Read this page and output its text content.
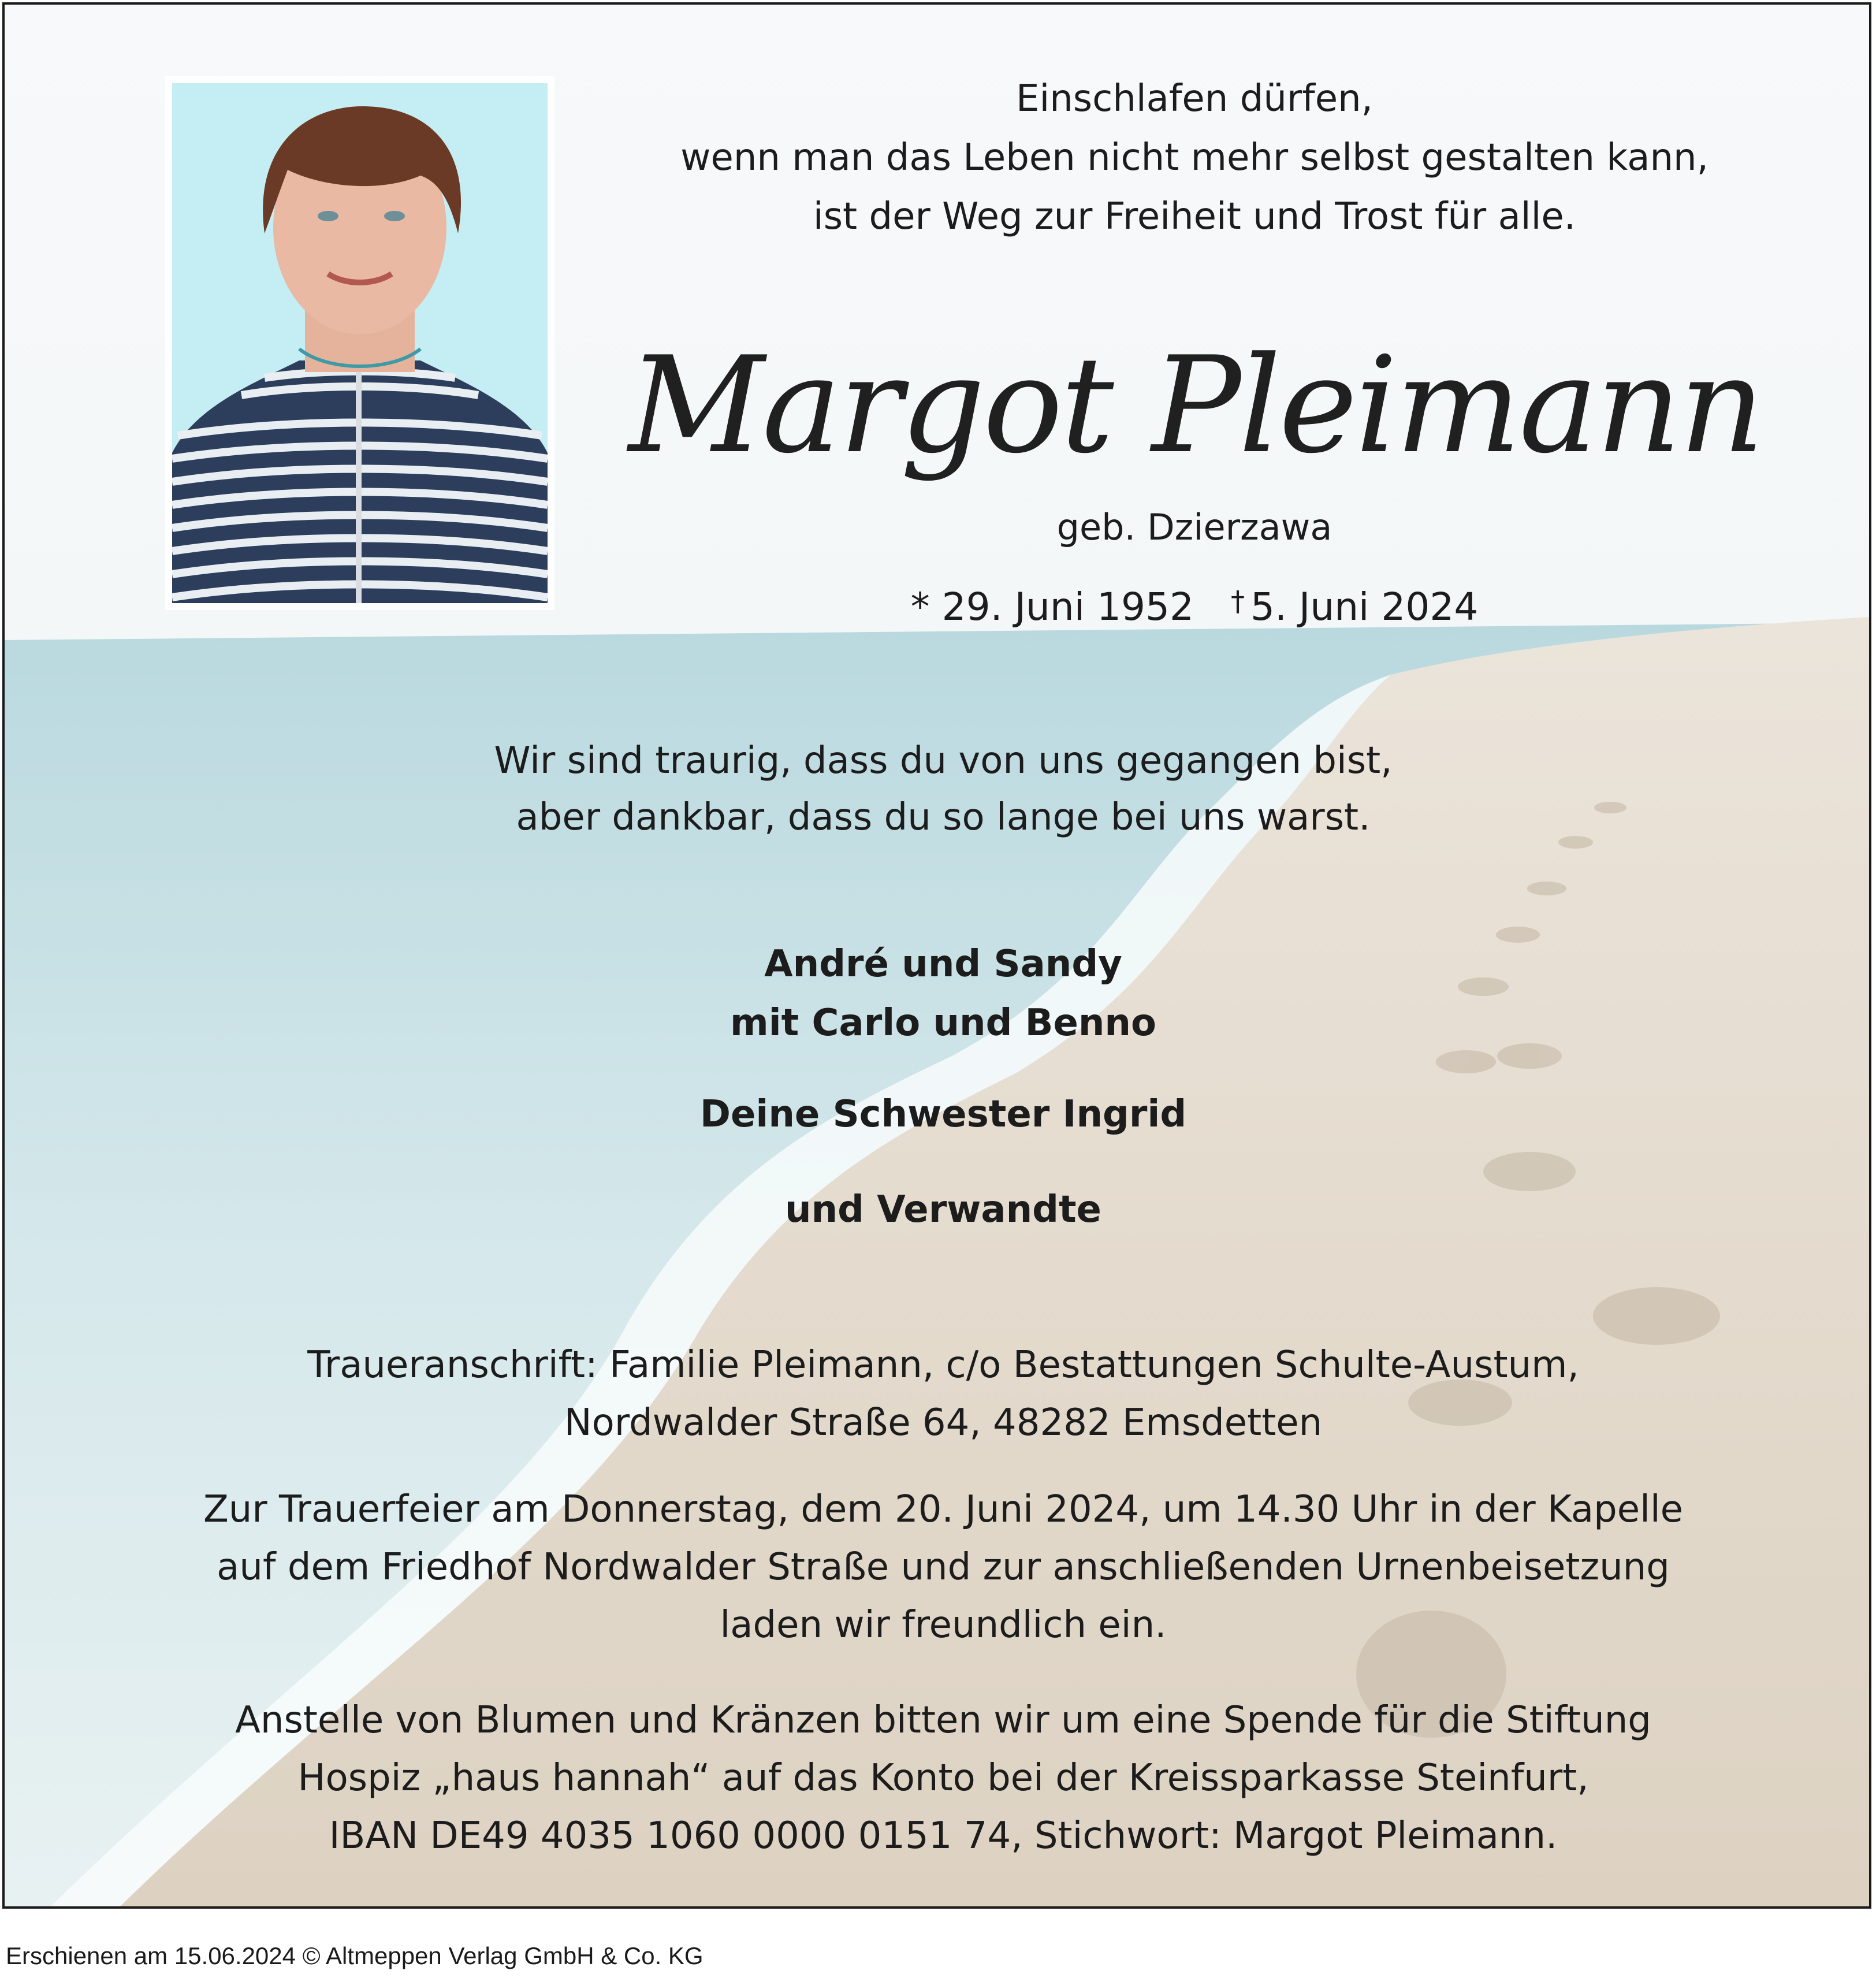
Einschlafen dürfen,
wenn man das Leben nicht mehr selbst gestalten kann,
ist der Weg zur Freiheit und Trost für alle.
Margot Pleimann
geb. Dzierzawa
* 29. Juni 1952 † 5. Juni 2024
Wir sind traurig, dass du von uns gegangen bist,
aber dankbar, dass du so lange bei uns warst.
André und Sandy
mit Carlo und Benno
Deine Schwester Ingrid
und Verwandte
Traueranschrift: Familie Pleimann, c/o Bestattungen Schulte-Austum,
Nordwalder Straße 64, 48282 Emsdetten
Zur Trauerfeier am Donnerstag, dem 20. Juni 2024, um 14.30 Uhr in der Kapelle
auf dem Friedhof Nordwalder Straße und zur anschließenden Urnenbeisetzung
laden wir freundlich ein.
Anstelle von Blumen und Kränzen bitten wir um eine Spende für die Stiftung
Hospiz „haus hannah“ auf das Konto bei der Kreissparkasse Steinfurt,
IBAN DE49 4035 1060 0000 0151 74, Stichwort: Margot Pleimann.
Erschienen am 15.06.2024 © Altmeppen Verlag GmbH & Co. KG
